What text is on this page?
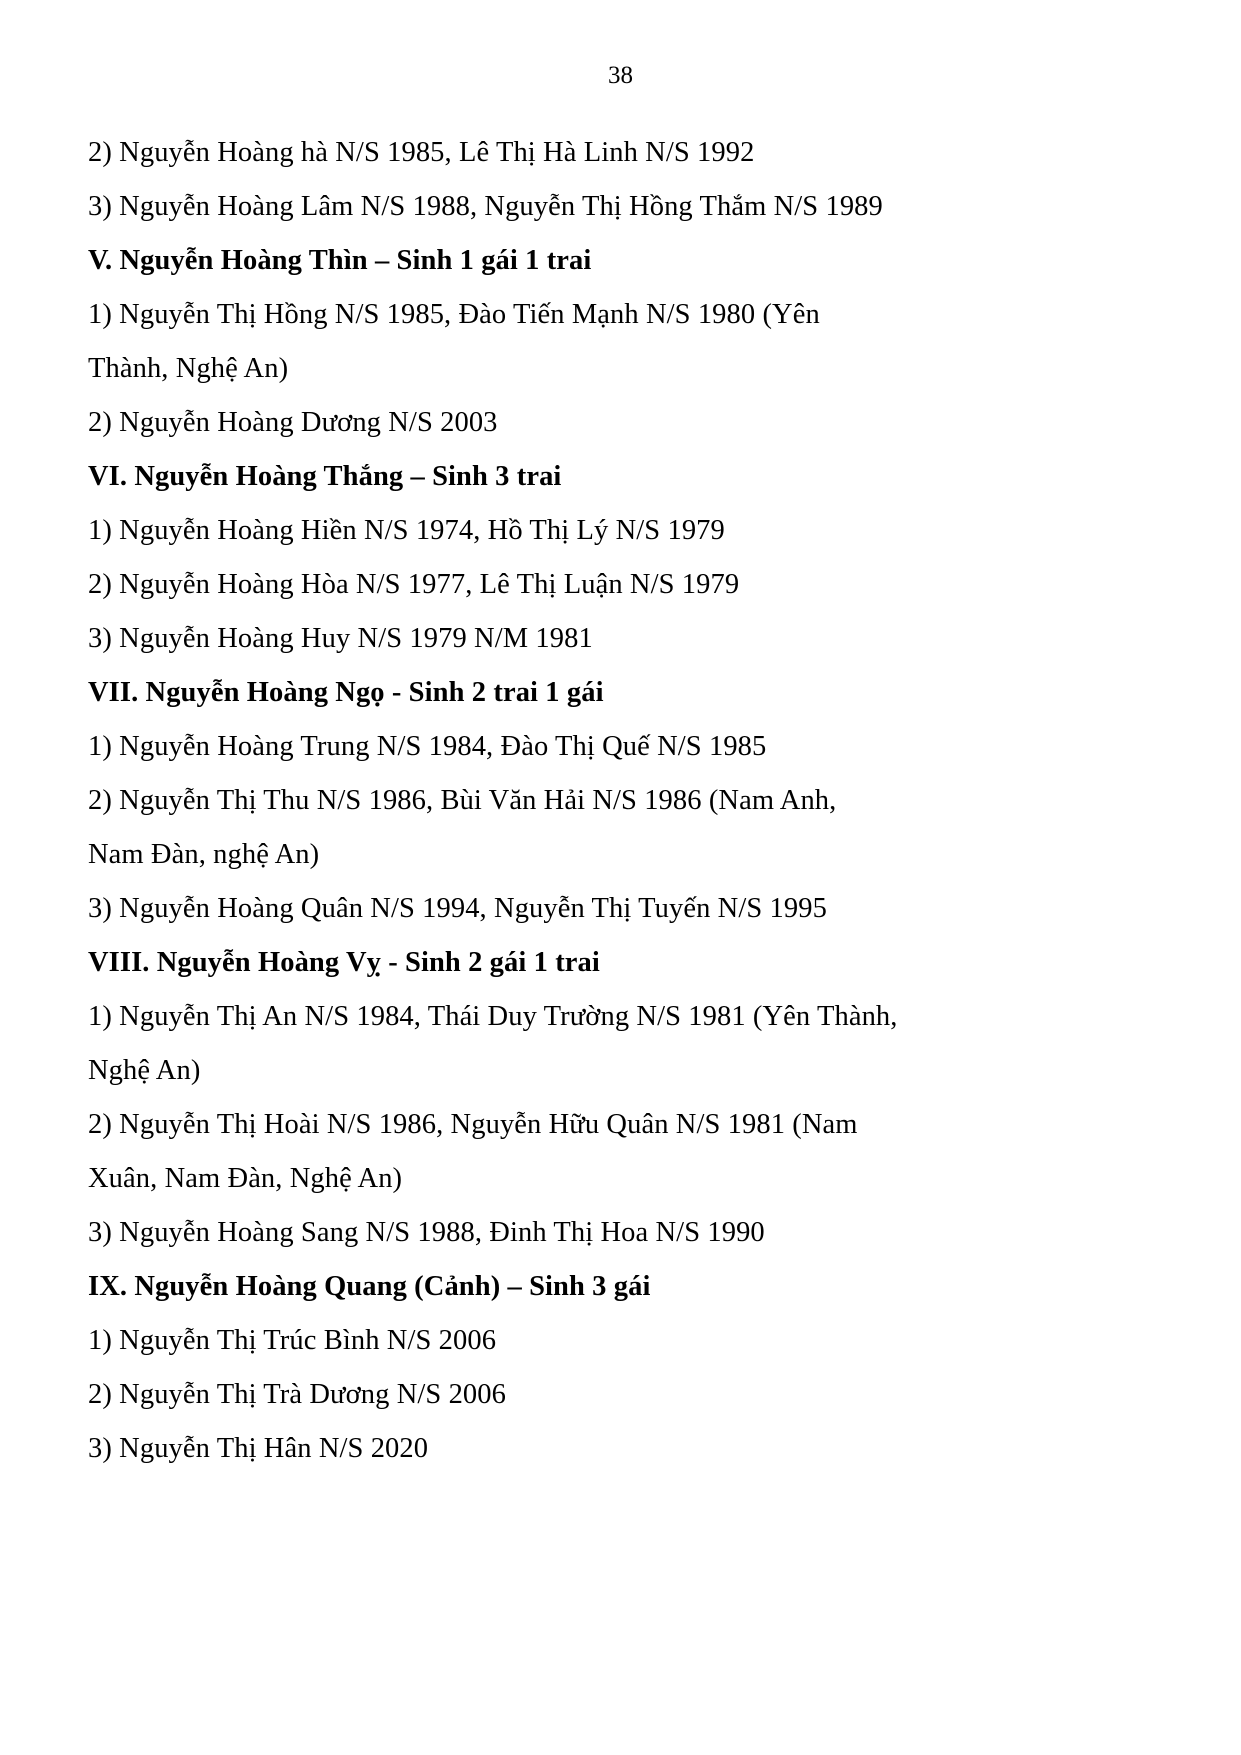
38
2) Nguyễn Hoàng hà N/S 1985, Lê Thị Hà Linh N/S 1992
3) Nguyễn Hoàng Lâm N/S 1988, Nguyễn Thị Hồng Thắm N/S 1989
V. Nguyễn Hoàng Thìn – Sinh 1 gái 1 trai
1) Nguyễn Thị Hồng N/S 1985, Đào Tiến Mạnh N/S 1980 (Yên
Thành, Nghệ An)
2) Nguyễn Hoàng Dương N/S 2003
VI. Nguyễn Hoàng Thắng – Sinh 3 trai
1) Nguyễn Hoàng Hiền N/S 1974, Hồ Thị Lý N/S 1979
2) Nguyễn Hoàng Hòa N/S 1977, Lê Thị Luận N/S 1979
3) Nguyễn Hoàng Huy N/S 1979 N/M 1981
VII. Nguyễn Hoàng Ngọ - Sinh 2 trai 1 gái
1) Nguyễn Hoàng Trung N/S 1984, Đào Thị Quế N/S 1985
2) Nguyễn Thị Thu N/S 1986, Bùi Văn Hải N/S 1986 (Nam Anh,
Nam Đàn, nghệ An)
3) Nguyễn Hoàng Quân N/S 1994, Nguyễn Thị Tuyến N/S 1995
VIII. Nguyễn Hoàng Vỵ - Sinh 2 gái 1 trai
1) Nguyễn Thị An N/S 1984, Thái Duy Trường N/S 1981 (Yên Thành,
Nghệ An)
2) Nguyễn Thị Hoài N/S 1986, Nguyễn Hữu Quân N/S 1981 (Nam
Xuân, Nam Đàn, Nghệ An)
3) Nguyễn Hoàng Sang N/S 1988, Đinh Thị Hoa N/S 1990
IX. Nguyễn Hoàng Quang (Cảnh) – Sinh 3 gái
1) Nguyễn Thị Trúc Bình N/S 2006
2) Nguyễn Thị Trà Dương N/S 2006
3) Nguyễn Thị Hân N/S 2020
